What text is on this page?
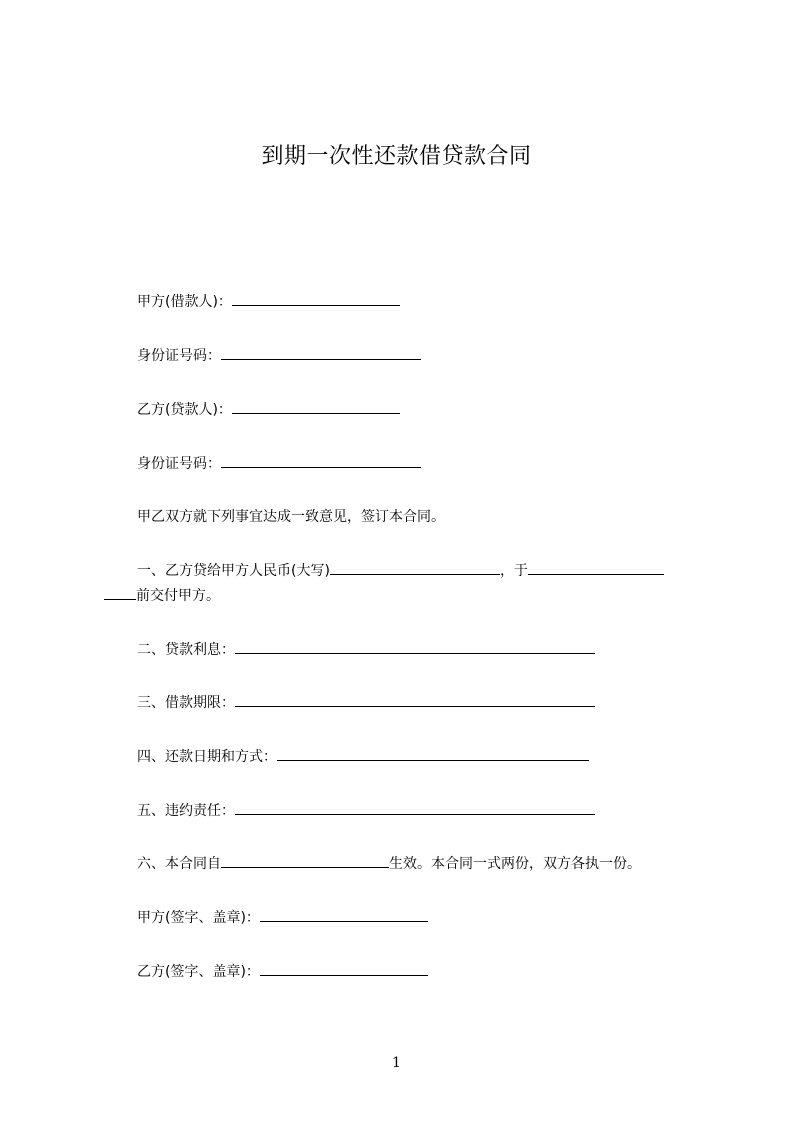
到期一次性还款借贷款合同
甲方(借款人)：
身份证号码：
乙方(贷款人)：
身份证号码：
甲乙双方就下列事宜达成一致意见，签订本合同。
一、乙方贷给甲方人民币(大写)	，于
前交付甲方。
二、贷款利息：
三、借款期限：
四、还款日期和方式：
五、违约责任：
六、本合同自	生效。本合同一式两份，双方各执一份。
甲方(签字、盖章)：
乙方(签字、盖章)：
1
